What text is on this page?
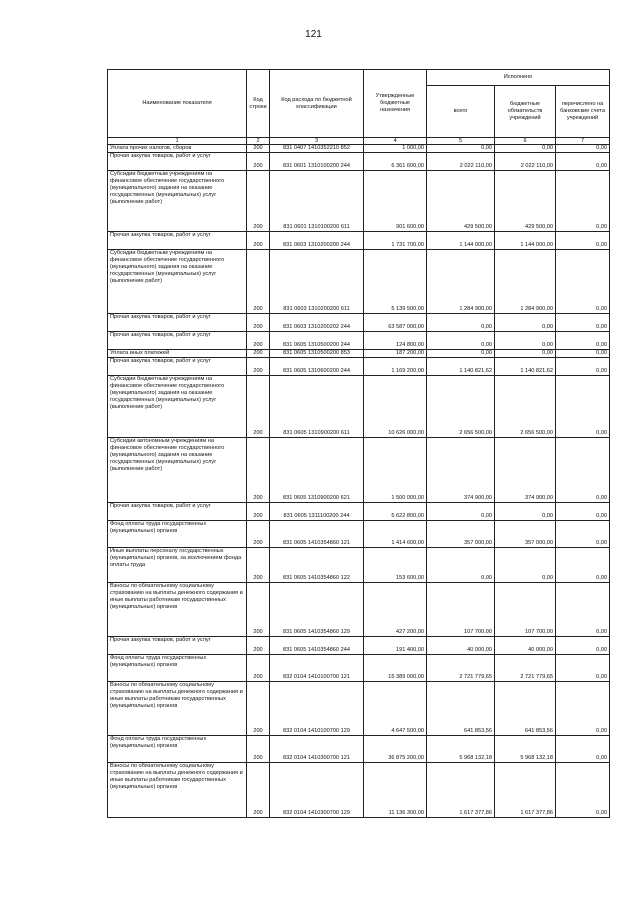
121
Наименование показателя	Код строки	Код расхода по бюджетной классификации	Утвержденные бюджетные назначения	Исполнено		
				всего	бюджетные обязательств учреждений	перечислено на банковские счета учреждений
1	2	3	4	5	6	7
Уплата прочих налогов, сборов	200	831 0407 1410352210 852	1 000,00	0,00	0,00	0,00
Прочая закупка товаров, работ и услуг	200	831 0601 1310100200 244	6 361 600,00	2 022 110,00	2 022 110,00	0,00
Субсидии бюджетным учреждениям на финансовое обеспечение государственного (муниципального) задания на оказание государственных (муниципальных) услуг (выполнение работ)	200	831 0601 1310100200 611	901 600,00	429 500,00	429 500,00	0,00
Прочая закупка товаров, работ и услуг	200	831 0603 1310200200 244	1 731 700,00	1 144 000,00	1 144 000,00	0,00
Субсидии бюджетным учреждениям на финансовое обеспечение государственного (муниципального) задания на оказание государственных (муниципальных) услуг (выполнение работ)	200	831 0603 1310200200 611	5 139 500,00	1 284 900,00	1 284 900,00	0,00
Прочая закупка товаров, работ и услуг	200	831 0603 1310200202 244	63 587 000,00	0,00	0,00	0,00
Прочая закупка товаров, работ и услуг	200	831 0605 1310500200 244	124 800,00	0,00	0,00	0,00
Уплата иных платежей	200	831 0605 1310500200 853	187 200,00	0,00	0,00	0,00
Прочая закупка товаров, работ и услуг	200	831 0605 1310600200 244	1 169 200,00	1 140 821,62	1 140 821,62	0,00
Субсидии бюджетным учреждениям на финансовое обеспечение государственного (муниципального) задания на оказание государственных (муниципальных) услуг (выполнение работ)	200	831 0605 1310900200 611	10 626 000,00	2 656 500,00	2 656 500,00	0,00
Субсидии автономным учреждениям на финансовое обеспечение государственного (муниципального) задания на оказание государственных (муниципальных) услуг (выполнение работ)	200	831 0605 1310900200 621	1 500 000,00	374 900,00	374 900,00	0,00
Прочая закупка товаров, работ и услуг	200	831 0605 1311100200 244	5 622 800,00	0,00	0,00	0,00
Фонд оплаты труда государственных (муниципальных) органов	200	831 0605 1410354860 121	1 414 600,00	357 000,00	357 000,00	0,00
Иные выплаты персоналу государственных (муниципальных) органов, за исключением фонда оплаты труда	200	831 0605 1410354860 122	153 600,00	0,00	0,00	0,00
Взносы по обязательному социальному страхованию на выплаты денежного содержания и иные выплаты работникам государственных (муниципальных) органов	200	831 0605 1410354860 129	427 200,00	107 700,00	107 700,00	0,00
Прочая закупка товаров, работ и услуг	200	831 0605 1410354860 244	191 400,00	40 000,00	40 000,00	0,00
Фонд оплаты труда государственных (муниципальных) органов	200	832 0104 1410100700 121	15 389 000,00	2 721 779,65	2 721 779,65	0,00
Взносы по обязательному социальному страхованию на выплаты денежного содержания и иные выплаты работникам государственных (муниципальных) органов	200	832 0104 1410100700 129	4 647 500,00	641 853,56	641 853,56	0,00
Фонд оплаты труда государственных (муниципальных) органов	200	832 0104 1410300700 121	36 875 200,00	5 968 132,18	5 968 132,18	0,00
Взносы по обязательному социальному страхованию на выплаты денежного содержания и иные выплаты работникам государственных (муниципальных) органов	200	832 0104 1410300700 129	11 136 300,00	1 617 377,86	1 617 377,86	0,00
